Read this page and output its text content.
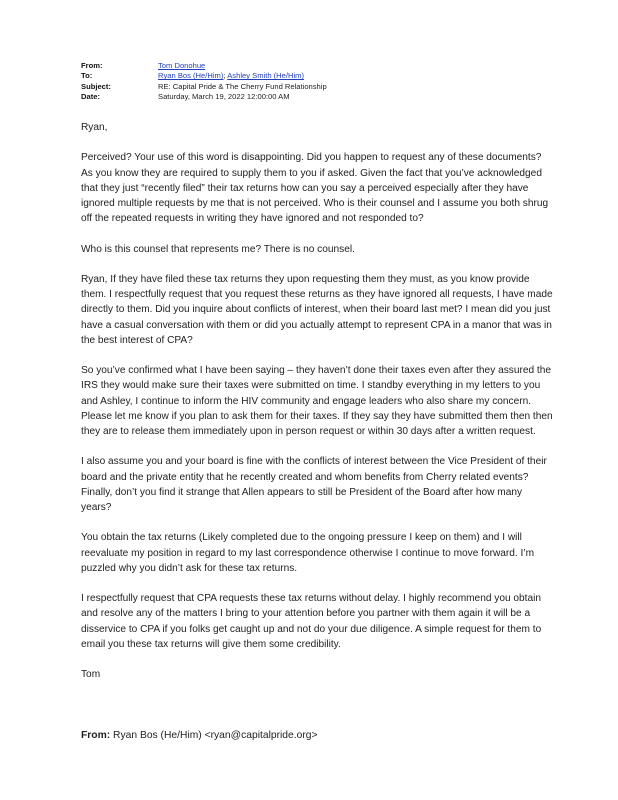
From:	Tom Donohue
To:	Ryan Bos (He/Him); Ashley Smith (He/Him)
Subject:	RE: Capital Pride & The Cherry Fund Relationship
Date:	Saturday, March 19, 2022 12:00:00 AM

Ryan,

Perceived? Your use of this word is disappointing. Did you happen to request any of these documents? As you know they are required to supply them to you if asked. Given the fact that you’ve acknowledged that they just “recently filed” their tax returns how can you say a perceived especially after they have ignored multiple requests by me that is not perceived. Who is their counsel and I assume you both shrug off the repeated requests in writing they have ignored and not responded to?

Who is this counsel that represents me? There is no counsel.

Ryan, If they have filed these tax returns they upon requesting them they must, as you know provide them. I respectfully request that you request these returns as they have ignored all requests, I have made directly to them. Did you inquire about conflicts of interest, when their board last met? I mean did you just have a casual conversation with them or did you actually attempt to represent CPA in a manor that was in the best interest of CPA?

So you’ve confirmed what I have been saying – they haven’t done their taxes even after they assured the IRS they would make sure their taxes were submitted on time. I standby everything in my letters to you and Ashley, I continue to inform the HIV community and engage leaders who also share my concern. Please let me know if you plan to ask them for their taxes. If they say they have submitted them then then they are to release them immediately upon in person request or within 30 days after a written request.

I also assume you and your board is fine with the conflicts of interest between the Vice President of their board and the private entity that he recently created and whom benefits from Cherry related events? Finally, don’t you find it strange that Allen appears to still be President of the Board after how many years?

You obtain the tax returns (Likely completed due to the ongoing pressure I keep on them) and I will reevaluate my position in regard to my last correspondence otherwise I continue to move forward. I’m puzzled why you didn’t ask for these tax returns.

I respectfully request that CPA requests these tax returns without delay. I highly recommend you obtain and resolve any of the matters I bring to your attention before you partner with them again it will be a disservice to CPA if you folks get caught up and not do your due diligence. A simple request for them to email you these tax returns will give them some credibility.

Tom

From: Ryan Bos (He/Him) <ryan@capitalpride.org>
